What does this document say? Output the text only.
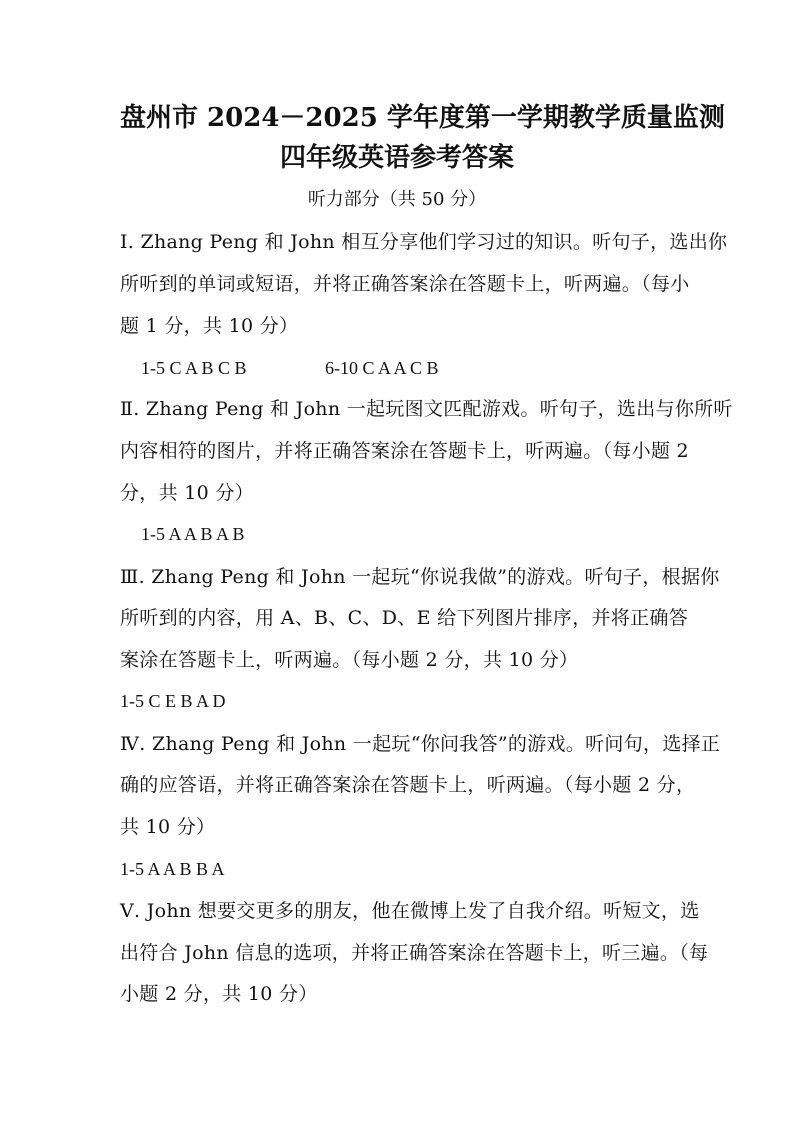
盘州市 2024－2025 学年度第一学期教学质量监测
四年级英语参考答案
听力部分（共 50 分）
Ⅰ. Zhang Peng 和 John 相互分享他们学习过的知识。听句子，选出你
所听到的单词或短语，并将正确答案涂在答题卡上，听两遍。（每小
题 1 分，共 10 分）
1-5 C A B C B	6-10 C A A C B
Ⅱ. Zhang Peng 和 John 一起玩图文匹配游戏。听句子，选出与你所听
内容相符的图片，并将正确答案涂在答题卡上，听两遍。（每小题 2
分，共 10 分）
1-5 A A B A B
Ⅲ. Zhang Peng 和 John 一起玩“你说我做”的游戏。听句子，根据你
所听到的内容，用 A、B、C、D、E 给下列图片排序，并将正确答
案涂在答题卡上，听两遍。（每小题 2 分，共 10 分）
1-5 C E B A D
Ⅳ. Zhang Peng 和 John 一起玩“你问我答”的游戏。听问句，选择正
确的应答语，并将正确答案涂在答题卡上，听两遍。（每小题 2 分，
共 10 分）
1-5 A A B B A
Ⅴ. John 想要交更多的朋友，他在微博上发了自我介绍。听短文，选
出符合 John 信息的选项，并将正确答案涂在答题卡上，听三遍。（每
小题 2 分，共 10 分）
